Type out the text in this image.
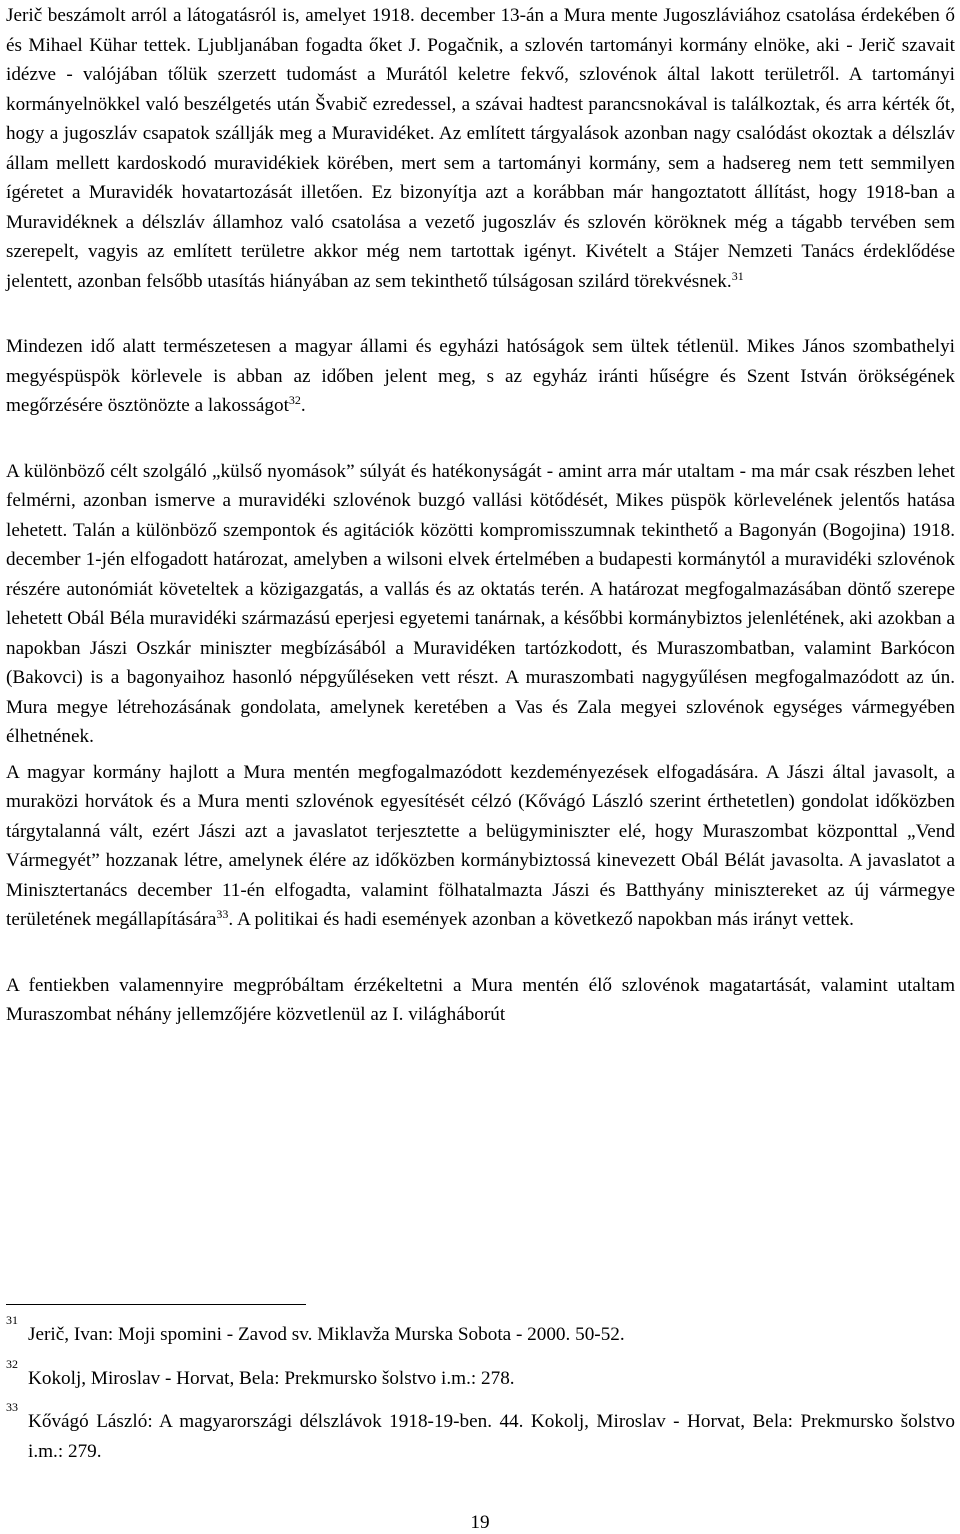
Jerič beszámolt arról a látogatásról is, amelyet 1918. december 13-án a Mura mente Jugoszláviához csatolása érdekében ő és Mihael Kühar tettek. Ljubljanában fogadta őket J. Pogačnik, a szlovén tartományi kormány elnöke, aki - Jerič szavait idézve - valójában tőlük szerzett tudomást a Murától keletre fekvő, szlovénok által lakott területről. A tartományi kormányelnökkel való beszélgetés után Švabič ezredessel, a szávai hadtest parancsnokával is találkoztak, és arra kérték őt, hogy a jugoszláv csapatok szállják meg a Muravidéket. Az említett tárgyalások azonban nagy csalódást okoztak a délszláv állam mellett kardoskodó muravidékiek körében, mert sem a tartományi kormány, sem a hadsereg nem tett semmilyen ígéretet a Muravidék hovatartozását illetően. Ez bizonyítja azt a korábban már hangoztatott állítást, hogy 1918-ban a Muravidéknek a délszláv államhoz való csatolása a vezető jugoszláv és szlovén köröknek még a tágabb tervében sem szerepelt, vagyis az említett területre akkor még nem tartottak igényt. Kivételt a Stájer Nemzeti Tanács érdeklődése jelentett, azonban felsőbb utasítás hiányában az sem tekinthető túlságosan szilárd törekvésnek.$^{31}$

Mindezen idő alatt természetesen a magyar állami és egyházi hatóságok sem ültek tétlenül. Mikes János szombathelyi megyéspüspök körlevele is abban az időben jelent meg, s az egyház iránti hűségre és Szent István örökségének megőrzésére ösztönözte a lakosságot$^{32}$.

A különböző célt szolgáló „külső nyomások” súlyát és hatékonyságát - amint arra már utaltam - ma már csak részben lehet felmérni, azonban ismerve a muravidéki szlovénok buzgó vallási kötődését, Mikes püspök körlevelének jelentős hatása lehetett. Talán a különböző szempontok és agitációk közötti kompromisszumnak tekinthető a Bagonyán (Bogojina) 1918. december 1-jén elfogadott határozat, amelyben a wilsoni elvek értelmében a budapesti kormánytól a muravidéki szlovénok részére autonómiát követeltek a közigazgatás, a vallás és az oktatás terén. A határozat megfogalmazásában döntő szerepe lehetett Obál Béla muravidéki származású eperjesi egyetemi tanárnak, a későbbi kormánybiztos jelenlétének, aki azokban a napokban Jászi Oszkár miniszter megbízásából a Muravidéken tartózkodott, és Muraszombatban, valamint Barkócon (Bakovci) is a bagonyaihoz hasonló népgyűléseken vett részt. A muraszombati nagygyűlésen megfogalmazódott az ún. Mura megye létrehozásának gondolata, amelynek keretében a Vas és Zala megyei szlovénok egységes vármegyében élhetnének.

A magyar kormány hajlott a Mura mentén megfogalmazódott kezdeményezések elfogadására. A Jászi által javasolt, a muraközi horvátok és a Mura menti szlovénok egyesítését célzó (Kővágó László szerint érthetetlen) gondolat időközben tárgytalanná vált, ezért Jászi azt a javaslatot terjesztette a belügyminiszter elé, hogy Muraszombat központtal „Vend Vármegyét” hozzanak létre, amelynek élére az időközben kormánybiztossá kinevezett Obál Bélát javasolta. A javaslatot a Minisztertanács december 11-én elfogadta, valamint fölhatalmazta Jászi és Batthyány minisztereket az új vármegye területének megállapítására$^{33}$. A politikai és hadi események azonban a következő napokban más irányt vettek.

A fentiekben valamennyire megpróbáltam érzékeltetni a Mura mentén élő szlovénok magatartását, valamint utaltam Muraszombat néhány jellemzőjére közvetlenül az I. világháborút

31
Jerič, Ivan: Moji spomini - Zavod sv. Miklavža Murska Sobota - 2000. 50-52.

32
Kokolj, Miroslav - Horvat, Bela: Prekmursko šolstvo i.m.: 278.

33
Kővágó László: A magyarországi délszlávok 1918-19-ben. 44. Kokolj, Miroslav - Horvat, Bela: Prekmursko šolstvo i.m.: 279.

19
